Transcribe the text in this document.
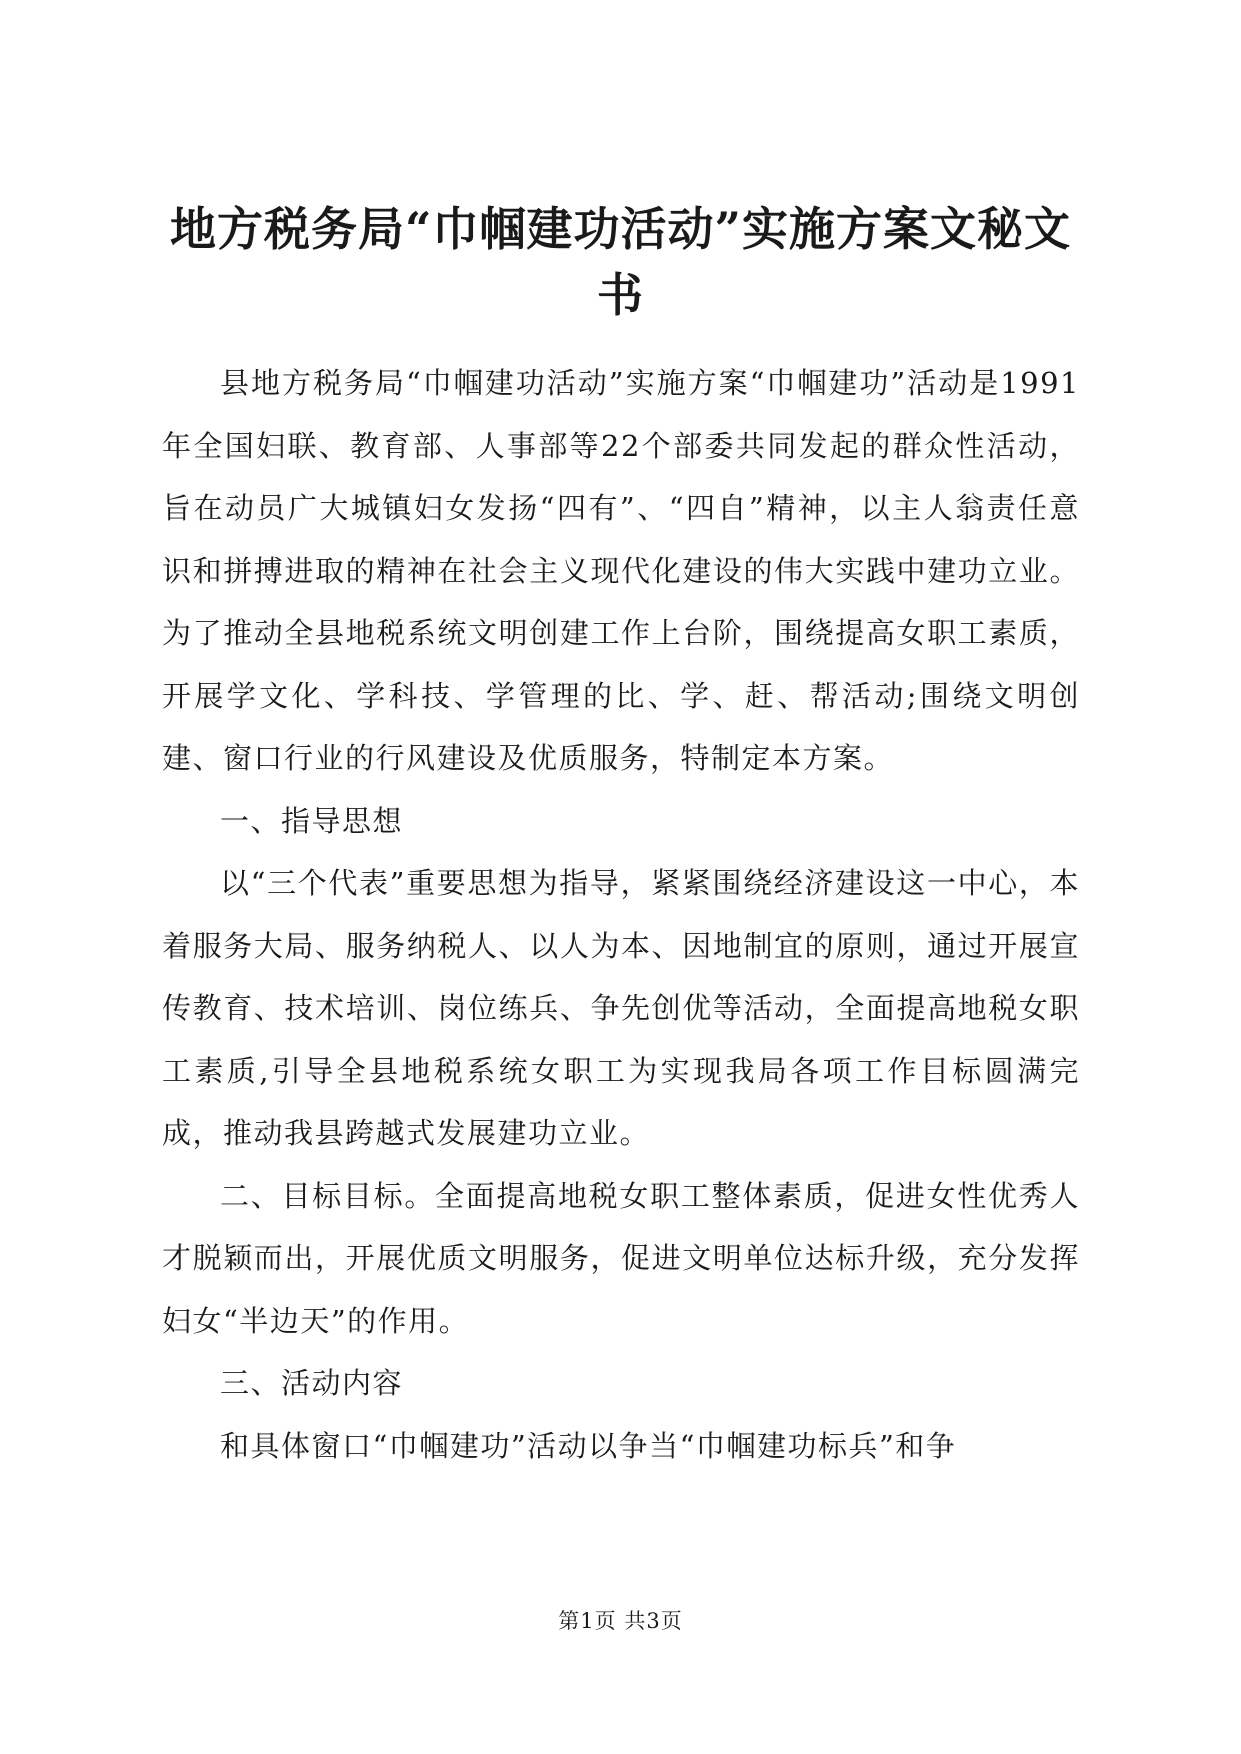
地方税务局“巾帼建功活动”实施方案文秘文书

县地方税务局“巾帼建功活动”实施方案“巾帼建功”活动是1991年全国妇联、教育部、人事部等22个部委共同发起的群众性活动，旨在动员广大城镇妇女发扬“四有”、“四自”精神，以主人翁责任意识和拼搏进取的精神在社会主义现代化建设的伟大实践中建功立业。为了推动全县地税系统文明创建工作上台阶，围绕提高女职工素质，开展学文化、学科技、学管理的比、学、赶、帮活动;围绕文明创建、窗口行业的行风建设及优质服务，特制定本方案。

一、指导思想

以“三个代表”重要思想为指导，紧紧围绕经济建设这一中心，本着服务大局、服务纳税人、以人为本、因地制宜的原则，通过开展宣传教育、技术培训、岗位练兵、争先创优等活动，全面提高地税女职工素质,引导全县地税系统女职工为实现我局各项工作目标圆满完成，推动我县跨越式发展建功立业。

二、目标目标。全面提高地税女职工整体素质，促进女性优秀人才脱颖而出，开展优质文明服务，促进文明单位达标升级，充分发挥妇女“半边天”的作用。

三、活动内容

和具体窗口“巾帼建功”活动以争当“巾帼建功标兵”和争

第1页 共3页
